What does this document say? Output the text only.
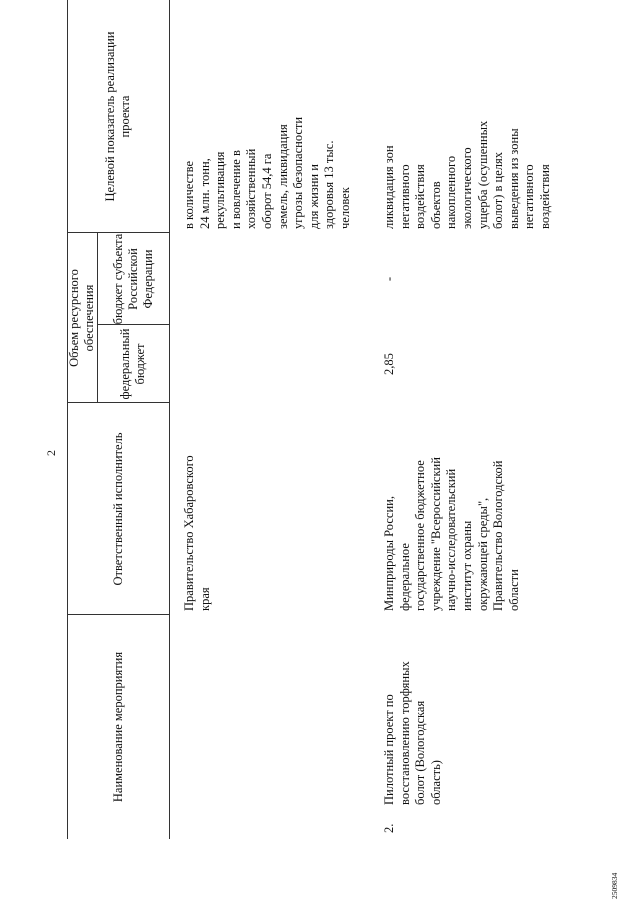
2
2509834
Наименование мероприятия
Ответственный исполнитель
Объем ресурсного обеспечения
федеральный бюджет
бюджет субъекта Российской Федерации
Целевой показатель реализации проекта
Правительство Хабаровского
края
в количестве
24 млн. тонн,
рекультивация
и вовлечение в
хозяйственный
оборот 54,4 га
земель, ликвидация
угрозы безопасности
для жизни и
здоровья 13 тыс.
человек
2.
Пилотный проект по
восстановлению торфяных
болот (Вологодская
область)
Минприроды России,
федеральное
государственное бюджетное
учреждение "Всероссийский
научно-исследовательский
институт охраны
окружающей среды",
Правительство Вологодской
области
2,85
-
ликвидация зон
негативного
воздействия
объектов
накопленного
экологического
ущерба (осушенных
болот) в целях
выведения из зоны
негативного
воздействия
